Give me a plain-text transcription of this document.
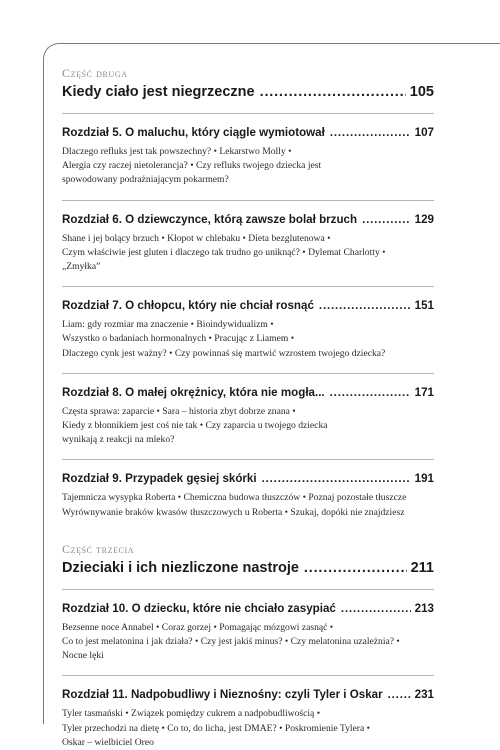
Część druga
Kiedy ciało jest niegrzeczne .....	105
Rozdział 5. O maluchu, który ciągle wymiotował .....	107
Dlaczego refluks jest tak powszechny? • Lekarstwo Molly •
Alergia czy raczej nietolerancja? • Czy refluks twojego dziecka jest
spowodowany podrażniającym pokarmem?
Rozdział 6. O dziewczynce, którą zawsze bolał brzuch .....	129
Shane i jej bolący brzuch • Kłopot w chlebaku • Dieta bezglutenowa •
Czym właściwie jest gluten i dlaczego tak trudno go uniknąć? • Dylemat Charlotty •
„Zmyłka”
Rozdział 7. O chłopcu, który nie chciał rosnąć .....	151
Liam: gdy rozmiar ma znaczenie • Bioindywidualizm •
Wszystko o badaniach hormonalnych • Pracując z Liamem •
Dlaczego cynk jest ważny? • Czy powinnaś się martwić wzrostem twojego dziecka?
Rozdział 8. O małej okrężnicy, która nie mogła... .....	171
Częsta sprawa: zaparcie • Sara – historia zbyt dobrze znana •
Kiedy z błonnikiem jest coś nie tak • Czy zaparcia u twojego dziecka
wynikają z reakcji na mleko?
Rozdział 9. Przypadek gęsiej skórki .....	191
Tajemnicza wysypka Roberta • Chemiczna budowa tłuszczów • Poznaj pozostałe tłuszcze
Wyrównywanie braków kwasów tłuszczowych u Roberta • Szukaj, dopóki nie znajdziesz
Część trzecia
Dzieciaki i ich niezliczone nastroje .....	211
Rozdział 10. O dziecku, które nie chciało zasypiać .....	213
Bezsenne noce Annabel • Coraz gorzej • Pomagając mózgowi zasnąć •
Co to jest melatonina i jak działa? • Czy jest jakiś minus? • Czy melatonina uzależnia? •
Nocne lęki
Rozdział 11. Nadpobudliwy i Nieznośny: czyli Tyler i Oskar .....	231
Tyler tasmański • Związek pomiędzy cukrem a nadpobudliwością •
Tyler przechodzi na dietę • Co to, do licha, jest DMAE? • Poskromienie Tylera •
Oskar – wielbiciel Oreo
